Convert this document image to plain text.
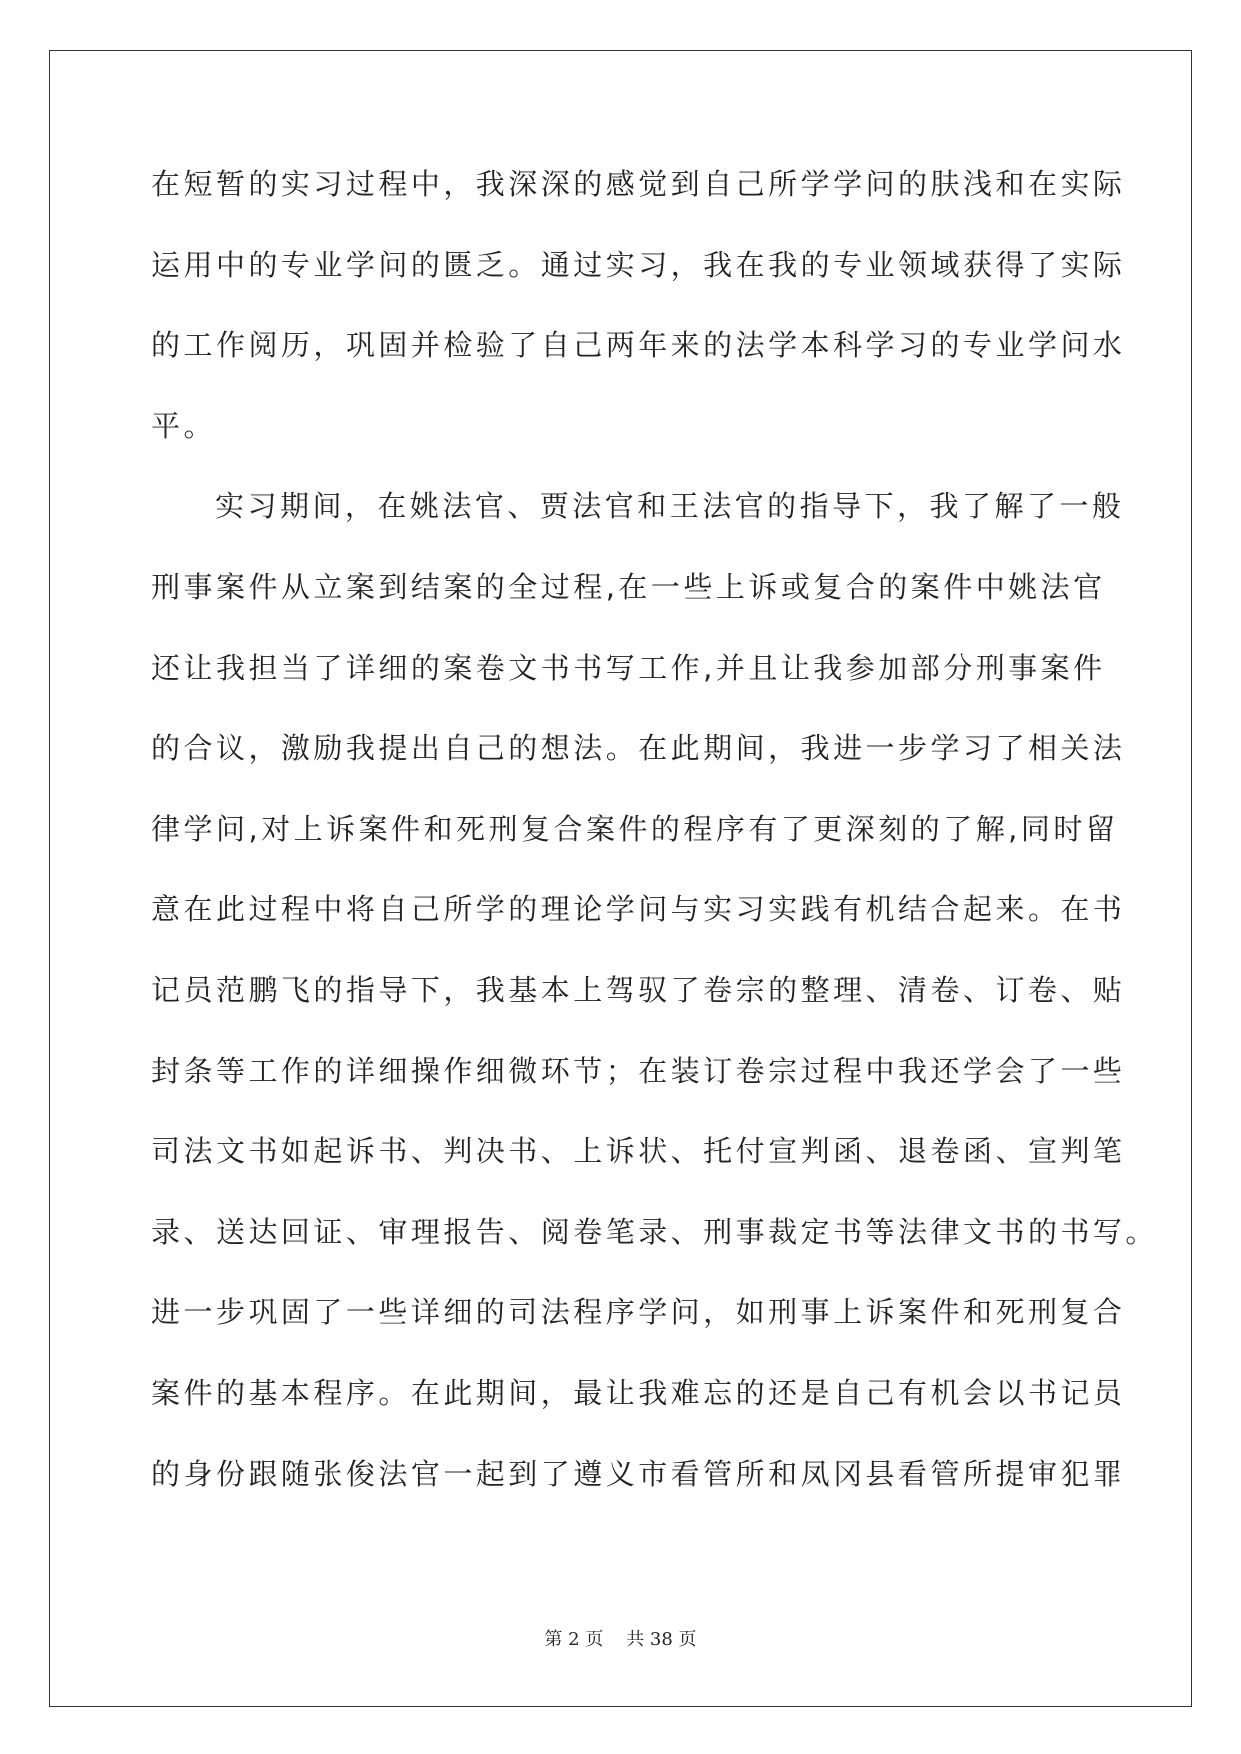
在短暂的实习过程中，我深深的感觉到自己所学学问的肤浅和在实际
运用中的专业学问的匮乏。通过实习，我在我的专业领域获得了实际
的工作阅历，巩固并检验了自己两年来的法学本科学习的专业学问水
平。
实习期间，在姚法官、贾法官和王法官的指导下，我了解了一般
刑事案件从立案到结案的全过程,在一些上诉或复合的案件中姚法官
还让我担当了详细的案卷文书书写工作,并且让我参加部分刑事案件
的合议，激励我提出自己的想法。在此期间，我进一步学习了相关法
律学问,对上诉案件和死刑复合案件的程序有了更深刻的了解,同时留
意在此过程中将自己所学的理论学问与实习实践有机结合起来。在书
记员范鹏飞的指导下，我基本上驾驭了卷宗的整理、清卷、订卷、贴
封条等工作的详细操作细微环节；在装订卷宗过程中我还学会了一些
司法文书如起诉书、判决书、上诉状、托付宣判函、退卷函、宣判笔
录、送达回证、审理报告、阅卷笔录、刑事裁定书等法律文书的书写。
进一步巩固了一些详细的司法程序学问，如刑事上诉案件和死刑复合
案件的基本程序。在此期间，最让我难忘的还是自己有机会以书记员
的身份跟随张俊法官一起到了遵义市看管所和凤冈县看管所提审犯罪
第 2 页    共 38 页
